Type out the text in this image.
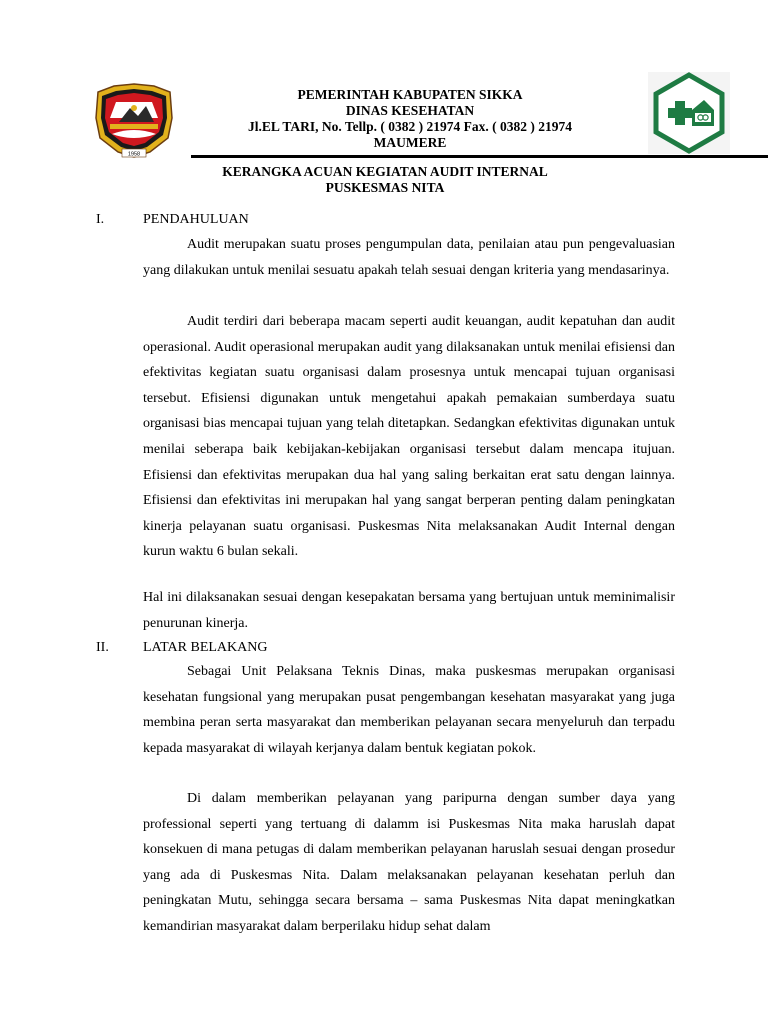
1958
PEMERINTAH KABUPATEN SIKKA
DINAS KESEHATAN
Jl.EL TARI, No. Tellp. ( 0382 ) 21974 Fax. ( 0382 ) 21974
MAUMERE
KERANGKA ACUAN KEGIATAN AUDIT INTERNAL
PUSKESMAS NITA
I.	PENDAHULUAN

Audit merupakan suatu proses pengumpulan data, penilaian atau pun pengevaluasian yang dilakukan untuk menilai sesuatu apakah telah sesuai dengan kriteria yang mendasarinya.

Audit terdiri dari beberapa macam seperti audit keuangan, audit kepatuhan dan audit operasional. Audit operasional merupakan audit yang dilaksanakan untuk menilai efisiensi dan efektivitas kegiatan suatu organisasi dalam prosesnya untuk mencapai tujuan organisasi tersebut. Efisiensi digunakan untuk mengetahui apakah pemakaian sumberdaya suatu organisasi bias mencapai tujuan yang telah ditetapkan. Sedangkan efektivitas digunakan untuk menilai seberapa baik kebijakan-kebijakan organisasi tersebut dalam mencapa itujuan. Efisiensi dan efektivitas merupakan dua hal yang saling berkaitan erat satu dengan lainnya. Efisiensi dan efektivitas ini merupakan hal yang sangat berperan penting dalam peningkatan kinerja pelayanan suatu organisasi. Puskesmas Nita melaksanakan Audit Internal dengan kurun waktu 6 bulan sekali.

Hal ini dilaksanakan sesuai dengan kesepakatan bersama yang bertujuan untuk meminimalisir penurunan kinerja.

II. LATAR BELAKANG

Sebagai Unit Pelaksana Teknis Dinas, maka puskesmas merupakan organisasi kesehatan fungsional yang merupakan pusat pengembangan kesehatan masyarakat yang juga membina peran serta masyarakat dan memberikan pelayanan secara menyeluruh dan terpadu kepada masyarakat di wilayah kerjanya dalam bentuk kegiatan pokok.

Di dalam memberikan pelayanan yang paripurna dengan sumber daya yang professional seperti yang tertuang di dalamm isi Puskesmas Nita maka haruslah dapat konsekuen di mana petugas di dalam memberikan pelayanan haruslah sesuai dengan prosedur yang ada di Puskesmas Nita. Dalam melaksanakan pelayanan kesehatan perluh dan peningkatan Mutu, sehingga secara bersama – sama Puskesmas Nita dapat meningkatkan kemandirian masyarakat dalam berperilaku hidup sehat dalam
